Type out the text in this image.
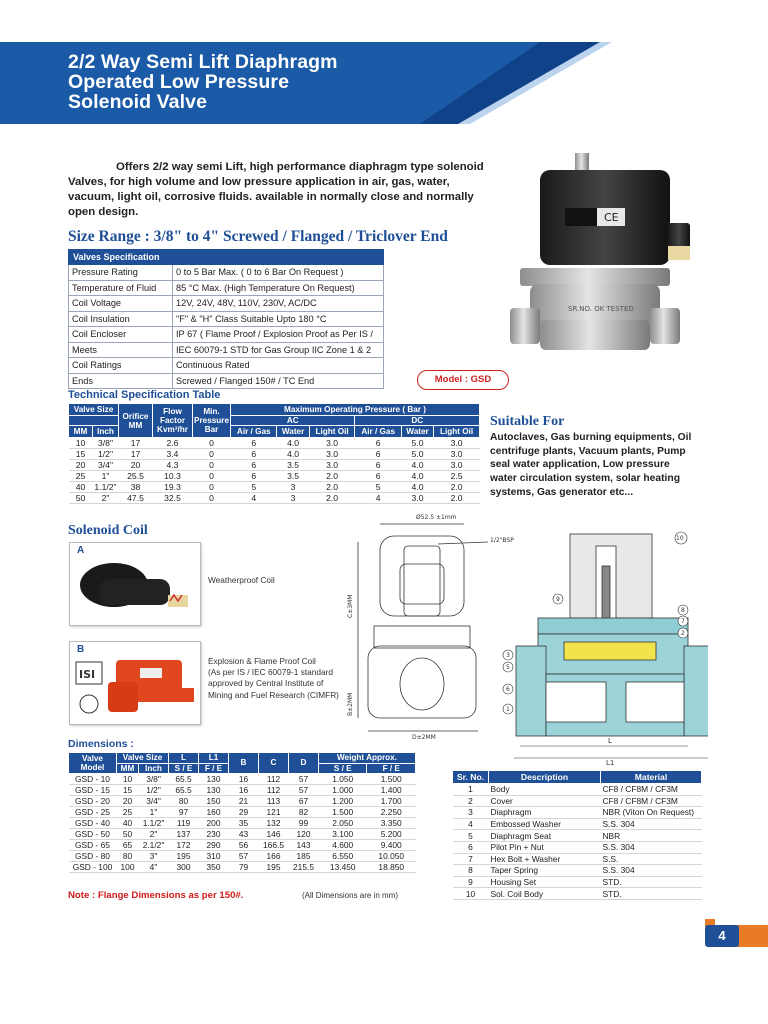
2/2 Way Semi Lift Diaphragm
Operated Low Pressure
Solenoid Valve
Offers 2/2 way semi Lift, high performance diaphragm type solenoid
Valves, for high volume and low pressure application in air, gas, water,
vacuum, light oil, corrosive fluids. available in normally close and normally
open design.
Size Range : 3/8" to 4" Screwed / Flanged / Triclover End
Valves Specification	
Pressure Rating	0 to 5 Bar Max. ( 0 to 6 Bar On Request )
Temperature of Fluid	85 °C Max. (High Temperature On Request)
Coil Voltage	12V, 24V, 48V, 110V, 230V, AC/DC
Coil Insulation	"F" & "H" Class Suitable Upto 180 °C
Coil Encloser	IP 67 ( Flame Proof / Explosion Proof as Per IS /
Meets	IEC 60079-1 STD for Gas Group IIC Zone 1 & 2
Coil Ratings	Continuous Rated
Ends	Screwed / Flanged 150# / TC End
CE
SR.NO. OK TESTED
Model : GSD
Technical Specification Table
Valve Size		Orifice MM	Flow Factor Kvm³/hr	Min. Pressure Bar	Maximum Operating Pressure ( Bar )					
					AC			DC		
MM	Inch				Air / Gas	Water	Light Oil	Air / Gas	Water	Light Oil
10	3/8"	17	2.6	0	6	4.0	3.0	6	5.0	3.0
15	1/2"	17	3.4	0	6	4.0	3.0	6	5.0	3.0
20	3/4"	20	4.3	0	6	3.5	3.0	6	4.0	3.0
25	1"	25.5	10.3	0	6	3.5	2.0	6	4.0	2.5
40	1.1/2"	38	19.3	0	5	3	2.0	5	4.0	2.0
50	2"	47.5	32.5	0	4	3	2.0	4	3.0	2.0
Suitable For
Autoclaves, Gas burning equipments, Oil
centrifuge plants, Vacuum plants, Pump
seal water application, Low pressure
water circulation system, solar heating
systems, Gas generator etc...
Solenoid Coil
A
Weatherproof Coil
B
ISI
Explosion & Flame Proof Coil
(As per IS / IEC 60079-1 standard
approved by Central Institute of
Mining and Fuel Research (CIMFR)
Ø52.5 ±1mm
1/2"BSP
C±3MM
B±2MM
D±2MM	L
L1
1
2
3
5
6
7
8
9
10
Dimensions :
Valve Model	Valve Size		L	L1	B	C	D	Weight Approx.	
	MM	Inch	S / E	F / E				S / E	F / E
GSD - 10	10	3/8"	65.5	130	16	112	57	1.050	1.500
GSD - 15	15	1/2"	65.5	130	16	112	57	1.000	1.400
GSD - 20	20	3/4"	80	150	21	113	67	1.200	1.700
GSD - 25	25	1"	97	160	29	121	82	1.500	2.250
GSD - 40	40	1.1/2"	119	200	35	132	99	2.050	3.350
GSD - 50	50	2"	137	230	43	146	120	3.100	5.200
GSD - 65	65	2.1/2"	172	290	56	166.5	143	4.600	9.400
GSD - 80	80	3"	195	310	57	166	185	6.550	10.050
GSD - 100	100	4"	300	350	79	195	215.5	13.450	18.850
Note : Flange Dimensions as per 150#.	(All Dimensions are in mm)
Sr. No.	Description	Material
1	Body	CF8 / CF8M / CF3M
2	Cover	CF8 / CF8M / CF3M
3	Diaphragm	NBR (Viton On Request)
4	Embossed Washer	S.S. 304
5	Diaphragm Seat	NBR
6	Pilot Pin + Nut	S.S. 304
7	Hex Bolt + Washer	S.S.
8	Taper Spring	S.S. 304
9	Housing Set	STD.
10	Sol. Coil Body	STD.
4
